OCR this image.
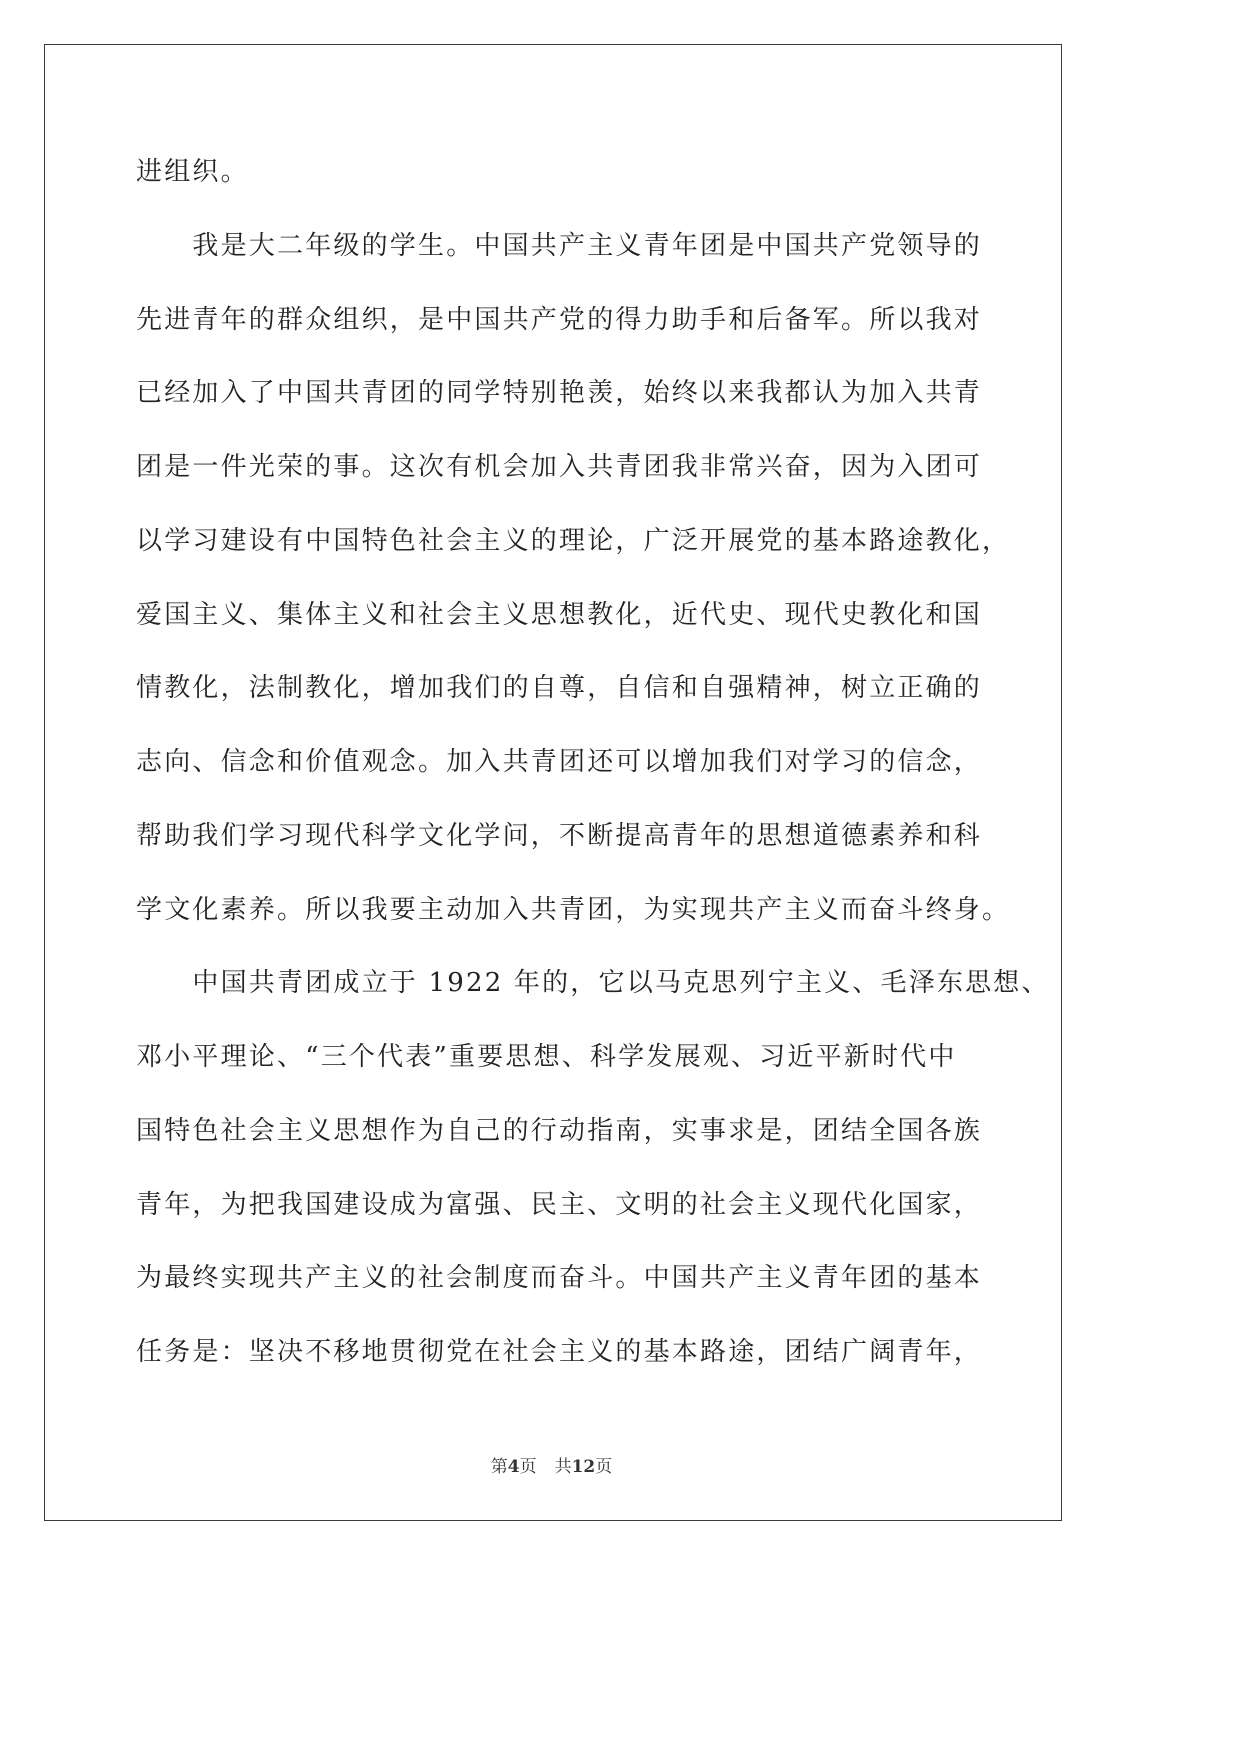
进组织。
　　我是大二年级的学生。中国共产主义青年团是中国共产党领导的
先进青年的群众组织，是中国共产党的得力助手和后备军。所以我对
已经加入了中国共青团的同学特别艳羡，始终以来我都认为加入共青
团是一件光荣的事。这次有机会加入共青团我非常兴奋，因为入团可
以学习建设有中国特色社会主义的理论，广泛开展党的基本路途教化，
爱国主义、集体主义和社会主义思想教化，近代史、现代史教化和国
情教化，法制教化，增加我们的自尊，自信和自强精神，树立正确的
志向、信念和价值观念。加入共青团还可以增加我们对学习的信念，
帮助我们学习现代科学文化学问，不断提高青年的思想道德素养和科
学文化素养。所以我要主动加入共青团，为实现共产主义而奋斗终身。
　　中国共青团成立于 1922 年的，它以马克思列宁主义、毛泽东思想、
邓小平理论、“三个代表”重要思想、科学发展观、习近平新时代中
国特色社会主义思想作为自己的行动指南，实事求是，团结全国各族
青年，为把我国建设成为富强、民主、文明的社会主义现代化国家，
为最终实现共产主义的社会制度而奋斗。中国共产主义青年团的基本
任务是：坚决不移地贯彻党在社会主义的基本路途，团结广阔青年，
第4页 共12页
